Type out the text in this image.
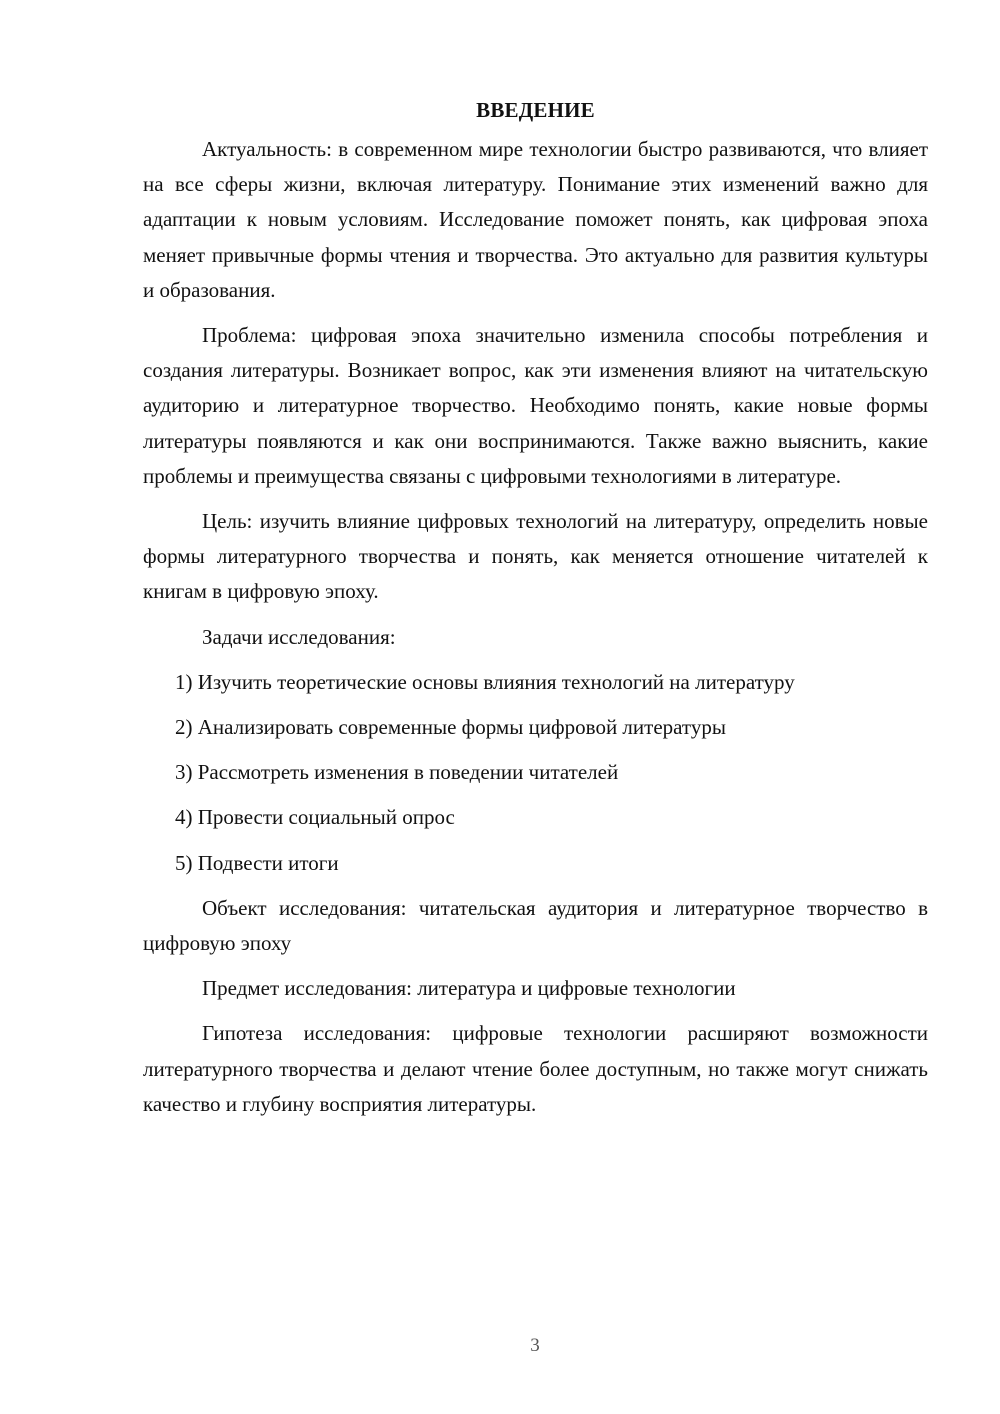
ВВЕДЕНИЕ

Актуальность: в современном мире технологии быстро развиваются, что влияет на все сферы жизни, включая литературу. Понимание этих изменений важно для адаптации к новым условиям. Исследование поможет понять, как цифровая эпоха меняет привычные формы чтения и творчества. Это актуально для развития культуры и образования.

Проблема: цифровая эпоха значительно изменила способы потребления и создания литературы. Возникает вопрос, как эти изменения влияют на читательскую аудиторию и литературное творчество. Необходимо понять, какие новые формы литературы появляются и как они воспринимаются. Также важно выяснить, какие проблемы и преимущества связаны с цифровыми технологиями в литературе.

Цель: изучить влияние цифровых технологий на литературу, определить новые формы литературного творчества и понять, как меняется отношение читателей к книгам в цифровую эпоху.

Задачи исследования:

1) Изучить теоретические основы влияния технологий на литературу

2) Анализировать современные формы цифровой литературы

3) Рассмотреть изменения в поведении читателей

4) Провести социальный опрос

5) Подвести итоги

Объект исследования: читательская аудитория и литературное творчество в цифровую эпоху

Предмет исследования: литература и цифровые технологии

Гипотеза исследования: цифровые технологии расширяют возможности литературного творчества и делают чтение более доступным, но также могут снижать качество и глубину восприятия литературы.

3
